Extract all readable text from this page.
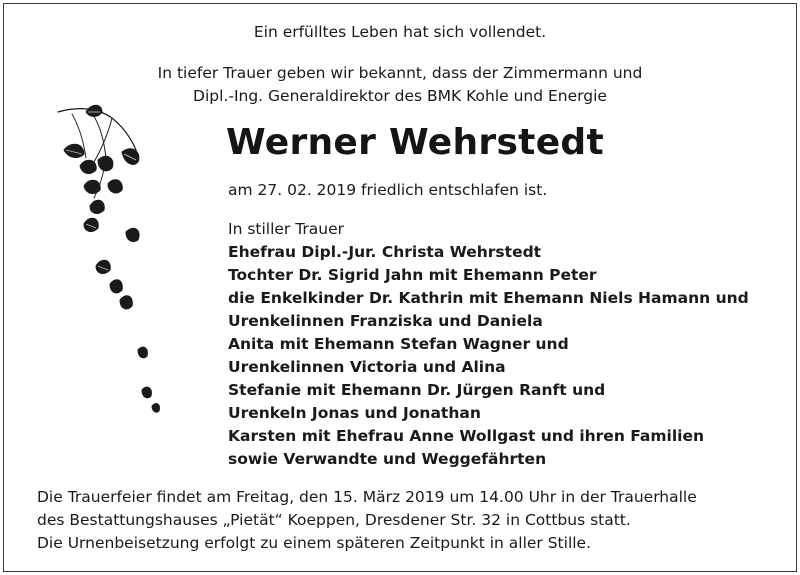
Ein erfülltes Leben hat sich vollendet.
In tiefer Trauer geben wir bekannt, dass der Zimmermann und
Dipl.-Ing. Generaldirektor des BMK Kohle und Energie
Werner Wehrstedt
am 27. 02. 2019 friedlich entschlafen ist.
In stiller Trauer
Ehefrau Dipl.-Jur. Christa Wehrstedt
Tochter Dr. Sigrid Jahn mit Ehemann Peter
die Enkelkinder Dr. Kathrin mit Ehemann Niels Hamann und
Urenkelinnen Franziska und Daniela
Anita mit Ehemann Stefan Wagner und
Urenkelinnen Victoria und Alina
Stefanie mit Ehemann Dr. Jürgen Ranft und
Urenkeln Jonas und Jonathan
Karsten mit Ehefrau Anne Wollgast und ihren Familien
sowie Verwandte und Weggefährten
Die Trauerfeier findet am Freitag, den 15. März 2019 um 14.00 Uhr in der Trauerhalle
des Bestattungshauses „Pietät“ Koeppen, Dresdener Str. 32 in Cottbus statt.
Die Urnenbeisetzung erfolgt zu einem späteren Zeitpunkt in aller Stille.
